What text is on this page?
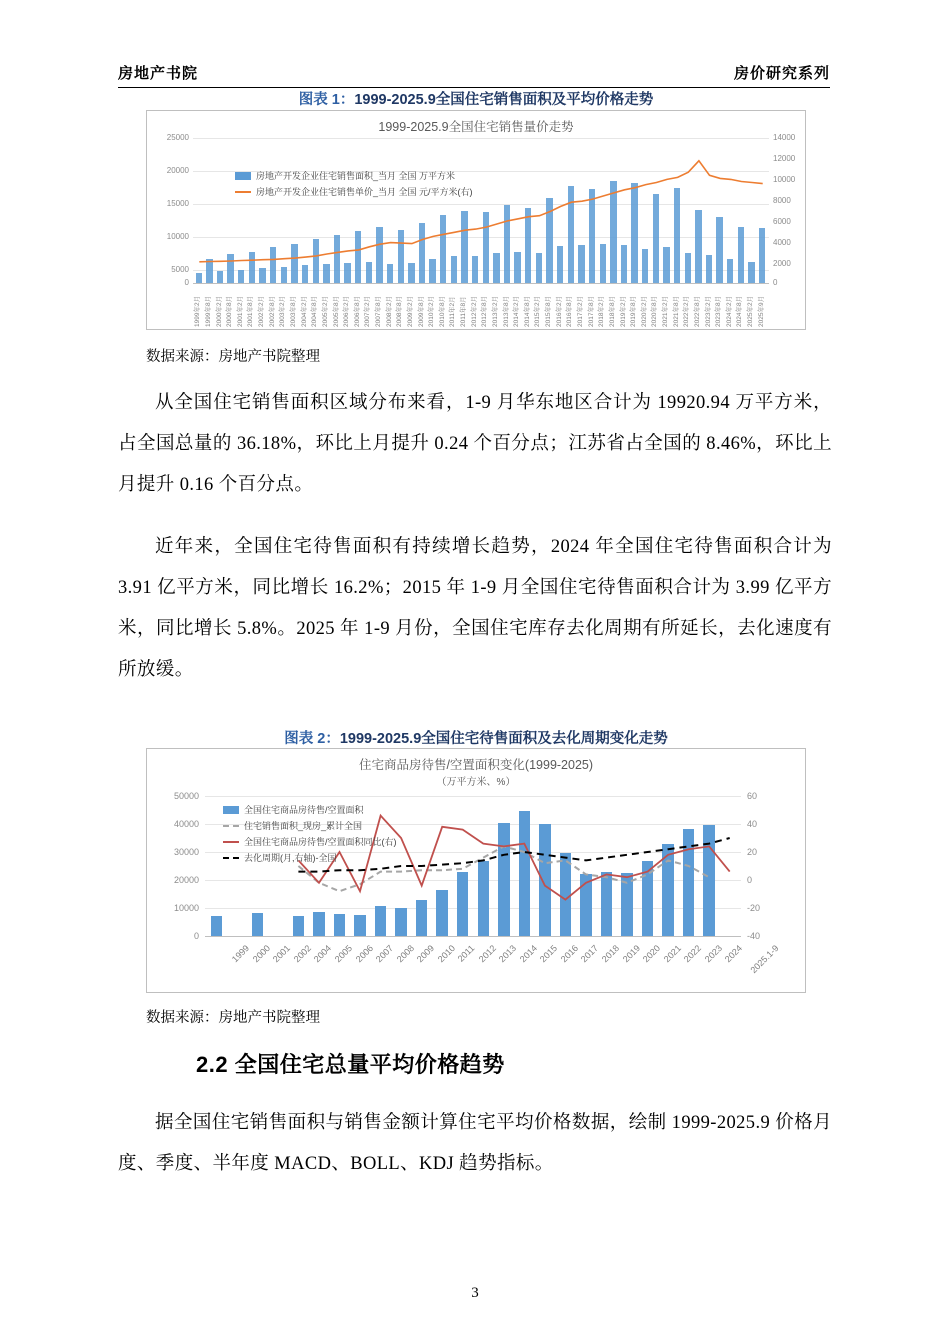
房地产书院	房价研究系列
图表 1：1999-2025.9全国住宅销售面积及平均价格走势
1999-2025.9全国住宅销售量价走势
25000
20000
15000
10000
5000
0
14000
12000
10000
8000
6000
4000
2000
0
房地产开发企业住宅销售面积_当月 全国 万平方米
房地产开发企业住宅销售单价_当月 全国 元/平方米(右)
1999年2月 1999年8月 2000年2月 2000年8月 2001年2月 2001年8月 2002年2月 2002年8月 2003年2月 2003年8月 2004年2月 2004年8月 2005年2月 2005年8月 2006年2月 2006年8月 2007年2月 2007年8月 2008年2月 2008年8月 2009年2月 2009年8月 2010年2月 2010年8月 2011年2月 2011年8月 2012年2月 2012年8月 2013年2月 2013年8月 2014年2月 2014年8月 2015年2月 2015年8月 2016年2月 2016年8月 2017年2月 2017年8月 2018年2月 2018年8月 2019年2月 2019年8月 2020年2月 2020年8月 2021年2月 2021年8月 2022年2月 2022年8月 2023年2月 2023年8月 2024年2月 2024年8月 2025年2月 2025年9月
数据来源：房地产书院整理
从全国住宅销售面积区域分布来看，1-9 月华东地区合计为 19920.94 万平方米，占全国总量的 36.18%，环比上月提升 0.24 个百分点；江苏省占全国的 8.46%，环比上月提升 0.16 个百分点。
近年来，全国住宅待售面积有持续增长趋势，2024 年全国住宅待售面积合计为 3.91 亿平方米，同比增长 16.2%；2015 年 1-9 月全国住宅待售面积合计为 3.99 亿平方米，同比增长 5.8%。2025 年 1-9 月份，全国住宅库存去化周期有所延长，去化速度有所放缓。
图表 2：1999-2025.9全国住宅待售面积及去化周期变化走势
住宅商品房待售/空置面积变化(1999-2025)
（万平方米、%）
50000
40000
30000
20000
10000
0
60
40
20
0
-20
-40
全国住宅商品房待售/空置面积
住宅销售面积_现房_累计全国
全国住宅商品房待售/空置面积同比(右)
去化周期(月,右轴)-全国
1999 2000 2001 2002 2004 2005 2006 2007 2008 2009 2010 2011 2012 2013 2014 2015 2016 2017 2018 2019 2020 2021 2022 2023 2024 2025.1-9
数据来源：房地产书院整理
2.2 全国住宅总量平均价格趋势
据全国住宅销售面积与销售金额计算住宅平均价格数据，绘制 1999-2025.9 价格月度、季度、半年度 MACD、BOLL、KDJ 趋势指标。
3
